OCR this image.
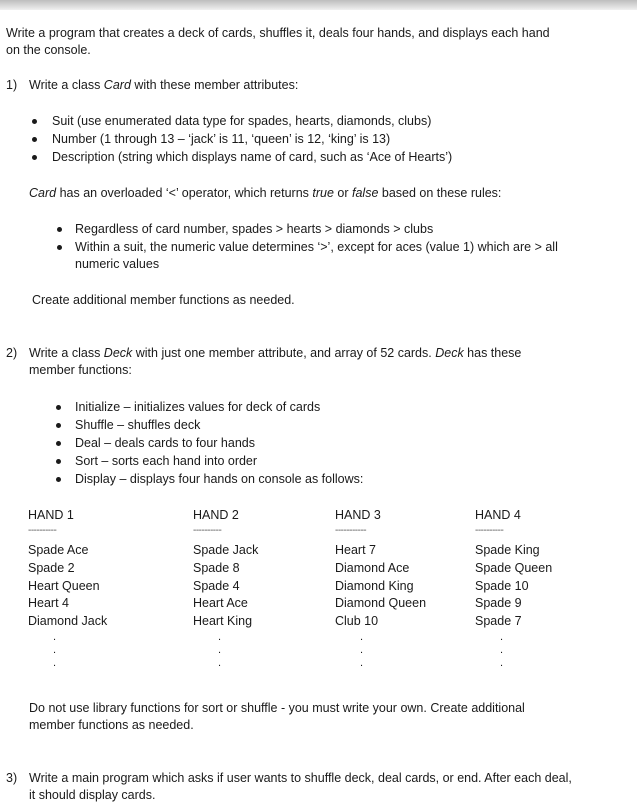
Write a program that creates a deck of cards, shuffles it, deals four hands, and displays each hand on the console.
1) Write a class Card with these member attributes:
Suit (use enumerated data type for spades, hearts, diamonds, clubs)
Number (1 through 13 – ‘jack’ is 11, ‘queen’ is 12, ‘king’ is 13)
Description (string which displays name of card, such as ‘Ace of Hearts’)
Card has an overloaded ‘<’ operator, which returns true or false based on these rules:
Regardless of card number, spades > hearts > diamonds > clubs
Within a suit, the numeric value determines ‘>’, except for aces (value 1) which are > all numeric values
Create additional member functions as needed.
2) Write a class Deck with just one member attribute, and array of 52 cards. Deck has these member functions:
Initialize – initializes values for deck of cards
Shuffle – shuffles deck
Deal – deals cards to four hands
Sort – sorts each hand into order
Display – displays four hands on console as follows:
HAND 1
----------
Spade Ace
Spade 2
Heart Queen
Heart 4
Diamond Jack
.
.
.
HAND 2
----------
Spade Jack
Spade 8
Spade 4
Heart Ace
Heart King
.
.
.
HAND 3
-----------
Heart 7
Diamond Ace
Diamond King
Diamond Queen
Club 10
.
.
.
HAND 4
----------
Spade King
Spade Queen
Spade 10
Spade 9
Spade 7
.
.
.
Do not use library functions for sort or shuffle - you must write your own. Create additional member functions as needed.
3) Write a main program which asks if user wants to shuffle deck, deal cards, or end. After each deal, it should display cards.
